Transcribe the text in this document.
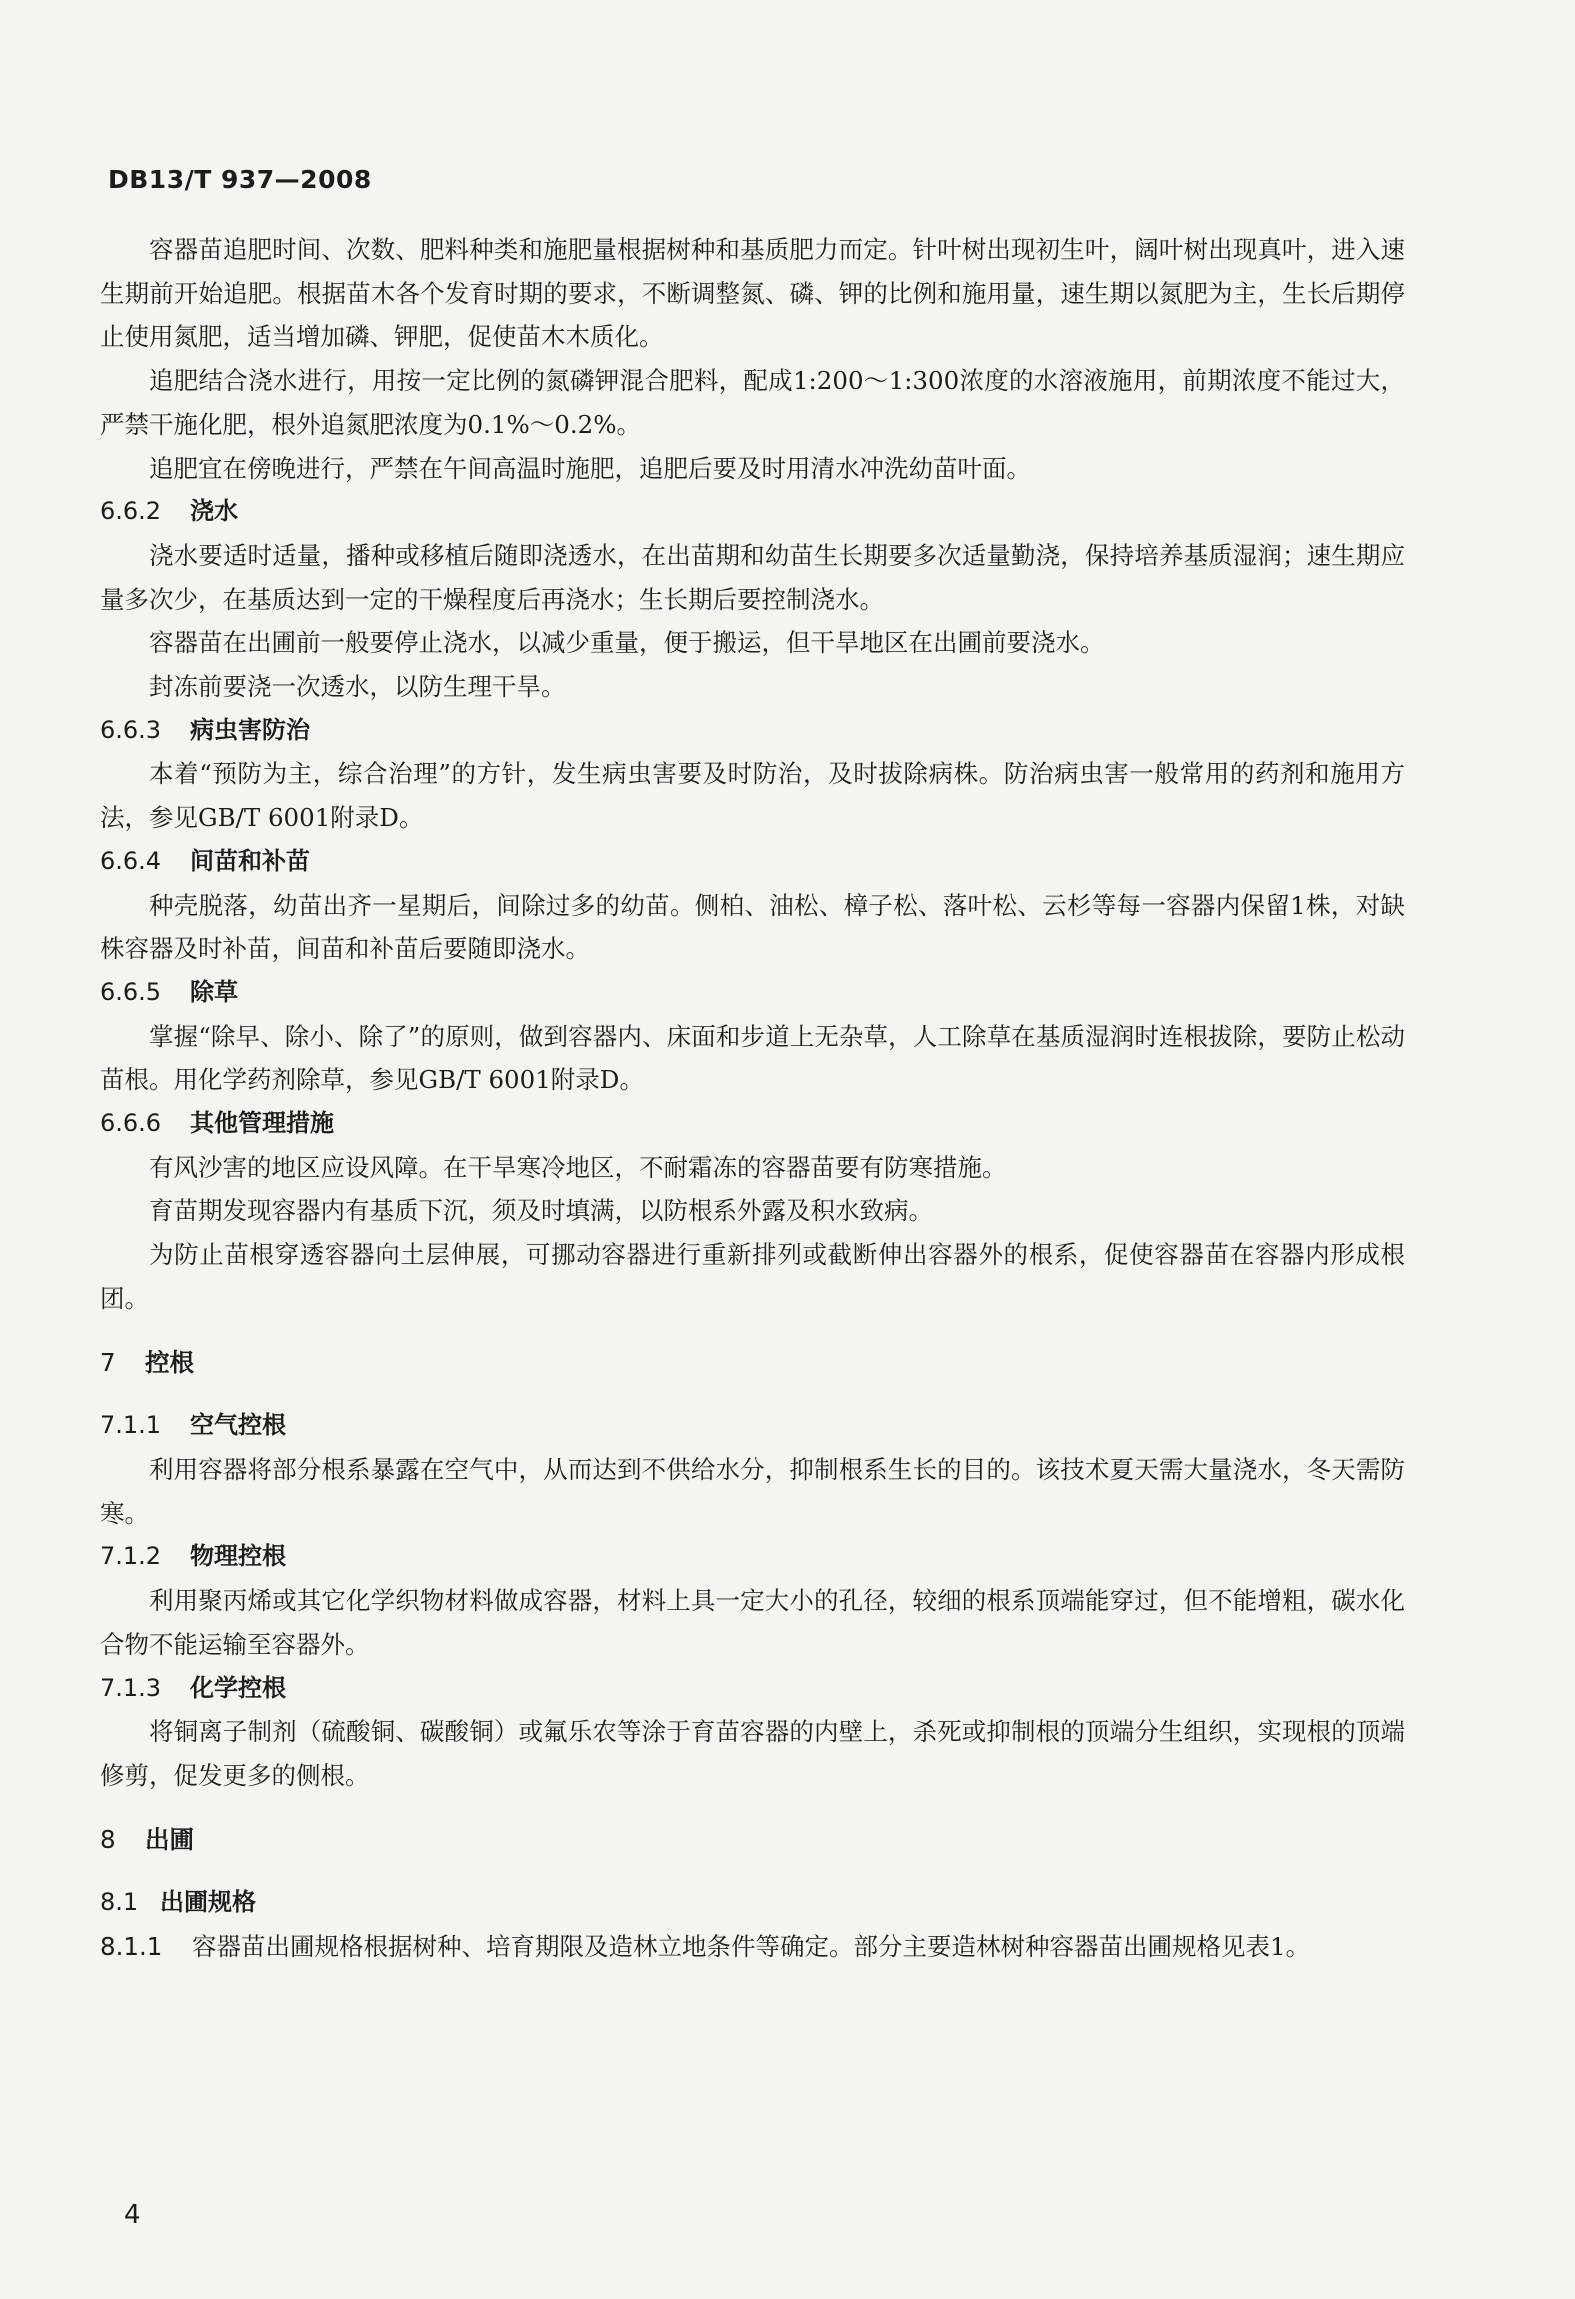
DB13/T 937—2008

容器苗追肥时间、次数、肥料种类和施肥量根据树种和基质肥力而定。针叶树出现初生叶，阔叶树出现真叶，进入速生期前开始追肥。根据苗木各个发育时期的要求，不断调整氮、磷、钾的比例和施用量，速生期以氮肥为主，生长后期停止使用氮肥，适当增加磷、钾肥，促使苗木木质化。

追肥结合浇水进行，用按一定比例的氮磷钾混合肥料，配成1:200～1:300浓度的水溶液施用，前期浓度不能过大，严禁干施化肥，根外追氮肥浓度为0.1%～0.2%。

追肥宜在傍晚进行，严禁在午间高温时施肥，追肥后要及时用清水冲洗幼苗叶面。

6.6.2 浇水

浇水要适时适量，播种或移植后随即浇透水，在出苗期和幼苗生长期要多次适量勤浇，保持培养基质湿润；速生期应量多次少，在基质达到一定的干燥程度后再浇水；生长期后要控制浇水。

容器苗在出圃前一般要停止浇水，以减少重量，便于搬运，但干旱地区在出圃前要浇水。

封冻前要浇一次透水，以防生理干旱。

6.6.3 病虫害防治

本着“预防为主，综合治理”的方针，发生病虫害要及时防治，及时拔除病株。防治病虫害一般常用的药剂和施用方法，参见GB/T 6001附录D。

6.6.4 间苗和补苗

种壳脱落，幼苗出齐一星期后，间除过多的幼苗。侧柏、油松、樟子松、落叶松、云杉等每一容器内保留1株，对缺株容器及时补苗，间苗和补苗后要随即浇水。

6.6.5 除草

掌握“除早、除小、除了”的原则，做到容器内、床面和步道上无杂草，人工除草在基质湿润时连根拔除，要防止松动苗根。用化学药剂除草，参见GB/T 6001附录D。

6.6.6 其他管理措施

有风沙害的地区应设风障。在干旱寒冷地区，不耐霜冻的容器苗要有防寒措施。

育苗期发现容器内有基质下沉，须及时填满，以防根系外露及积水致病。

为防止苗根穿透容器向土层伸展，可挪动容器进行重新排列或截断伸出容器外的根系，促使容器苗在容器内形成根团。

7 控根
7.1.1 空气控根

利用容器将部分根系暴露在空气中，从而达到不供给水分，抑制根系生长的目的。该技术夏天需大量浇水，冬天需防寒。

7.1.2 物理控根

利用聚丙烯或其它化学织物材料做成容器，材料上具一定大小的孔径，较细的根系顶端能穿过，但不能增粗，碳水化合物不能运输至容器外。

7.1.3 化学控根

将铜离子制剂（硫酸铜、碳酸铜）或氟乐农等涂于育苗容器的内壁上，杀死或抑制根的顶端分生组织，实现根的顶端修剪，促发更多的侧根。

8 出圃
8.1 出圃规格

8.1.1 容器苗出圃规格根据树种、培育期限及造林立地条件等确定。部分主要造林树种容器苗出圃规格见表1。

4
